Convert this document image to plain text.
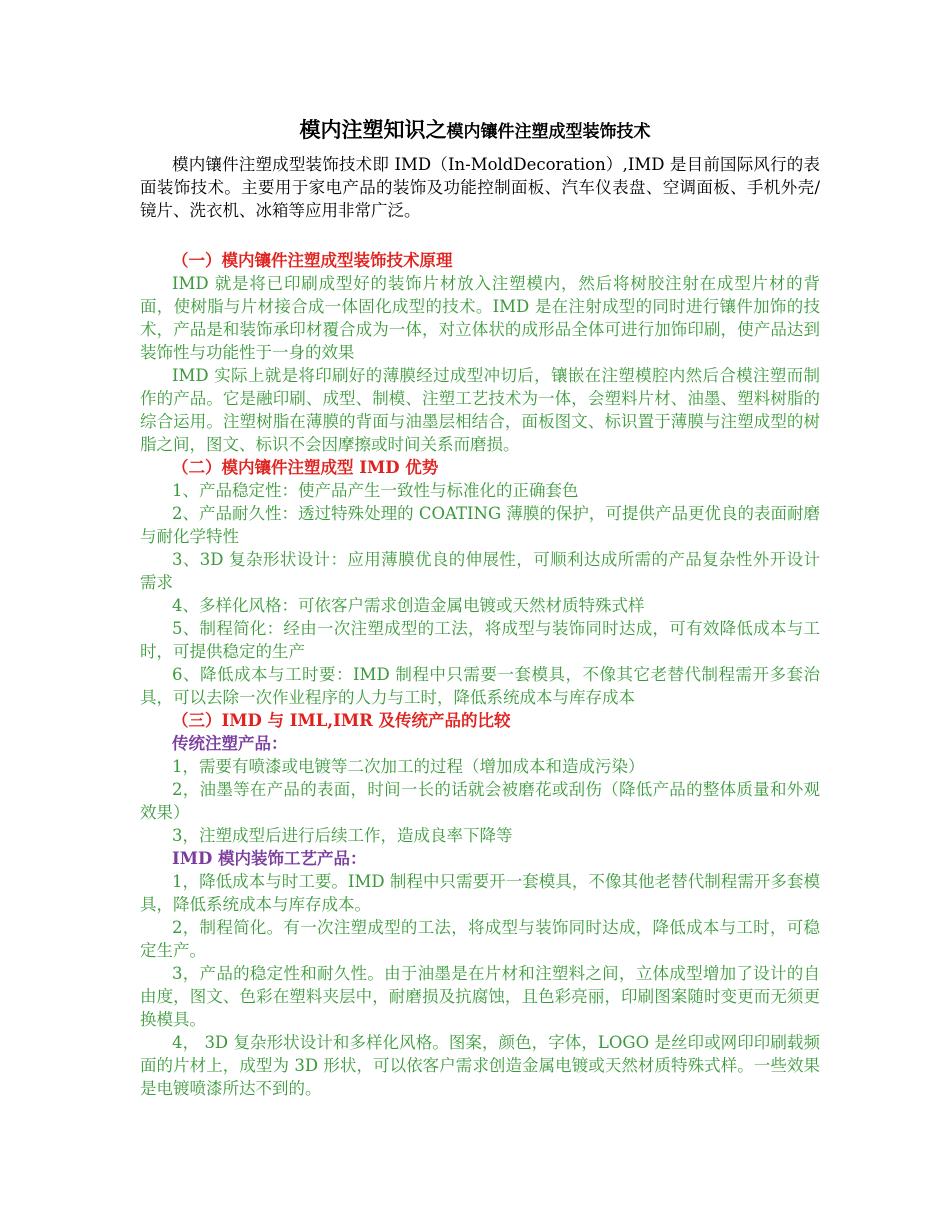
模内注塑知识之模内镶件注塑成型装饰技术

模内镶件注塑成型装饰技术即 IMD（In-MoldDecoration）,IMD 是目前国际风行的表面装饰技术。主要用于家电产品的装饰及功能控制面板、汽车仪表盘、空调面板、手机外壳/镜片、洗衣机、冰箱等应用非常广泛。

（一）模内镶件注塑成型装饰技术原理

IMD 就是将已印刷成型好的装饰片材放入注塑模内，然后将树胶注射在成型片材的背面，使树脂与片材接合成一体固化成型的技术。IMD 是在注射成型的同时进行镶件加饰的技术，产品是和装饰承印材覆合成为一体，对立体状的成形品全体可进行加饰印刷，使产品达到装饰性与功能性于一身的效果

IMD 实际上就是将印刷好的薄膜经过成型冲切后，镶嵌在注塑模腔内然后合模注塑而制作的产品。它是融印刷、成型、制模、注塑工艺技术为一体，会塑料片材、油墨、塑料树脂的综合运用。注塑树脂在薄膜的背面与油墨层相结合，面板图文、标识置于薄膜与注塑成型的树脂之间，图文、标识不会因摩擦或时间关系而磨损。

（二）模内镶件注塑成型 IMD 优势

1、产品稳定性：使产品产生一致性与标准化的正确套色

2、产品耐久性：透过特殊处理的 COATING 薄膜的保护，可提供产品更优良的表面耐磨与耐化学特性

3、3D 复杂形状设计：应用薄膜优良的伸展性，可顺利达成所需的产品复杂性外开设计需求

4、多样化风格：可依客户需求创造金属电镀或天然材质特殊式样

5、制程简化：经由一次注塑成型的工法，将成型与装饰同时达成，可有效降低成本与工时，可提供稳定的生产

6、降低成本与工时要：IMD 制程中只需要一套模具，不像其它老替代制程需开多套治具，可以去除一次作业程序的人力与工时，降低系统成本与库存成本

（三）IMD 与 IML,IMR 及传统产品的比较

传统注塑产品：

1，需要有喷漆或电镀等二次加工的过程（增加成本和造成污染）

2，油墨等在产品的表面，时间一长的话就会被磨花或刮伤（降低产品的整体质量和外观效果）

3，注塑成型后进行后续工作，造成良率下降等

IMD 模内装饰工艺产品：

1，降低成本与时工要。IMD 制程中只需要开一套模具，不像其他老替代制程需开多套模具，降低系统成本与库存成本。

2，制程简化。有一次注塑成型的工法，将成型与装饰同时达成，降低成本与工时，可稳定生产。

3，产品的稳定性和耐久性。由于油墨是在片材和注塑料之间，立体成型增加了设计的自由度，图文、色彩在塑料夹层中，耐磨损及抗腐蚀，且色彩亮丽，印刷图案随时变更而无须更换模具。

4， 3D 复杂形状设计和多样化风格。图案，颜色，字体，LOGO 是丝印或网印印刷载频面的片材上，成型为 3D 形状，可以依客户需求创造金属电镀或天然材质特殊式样。一些效果是电镀喷漆所达不到的。
